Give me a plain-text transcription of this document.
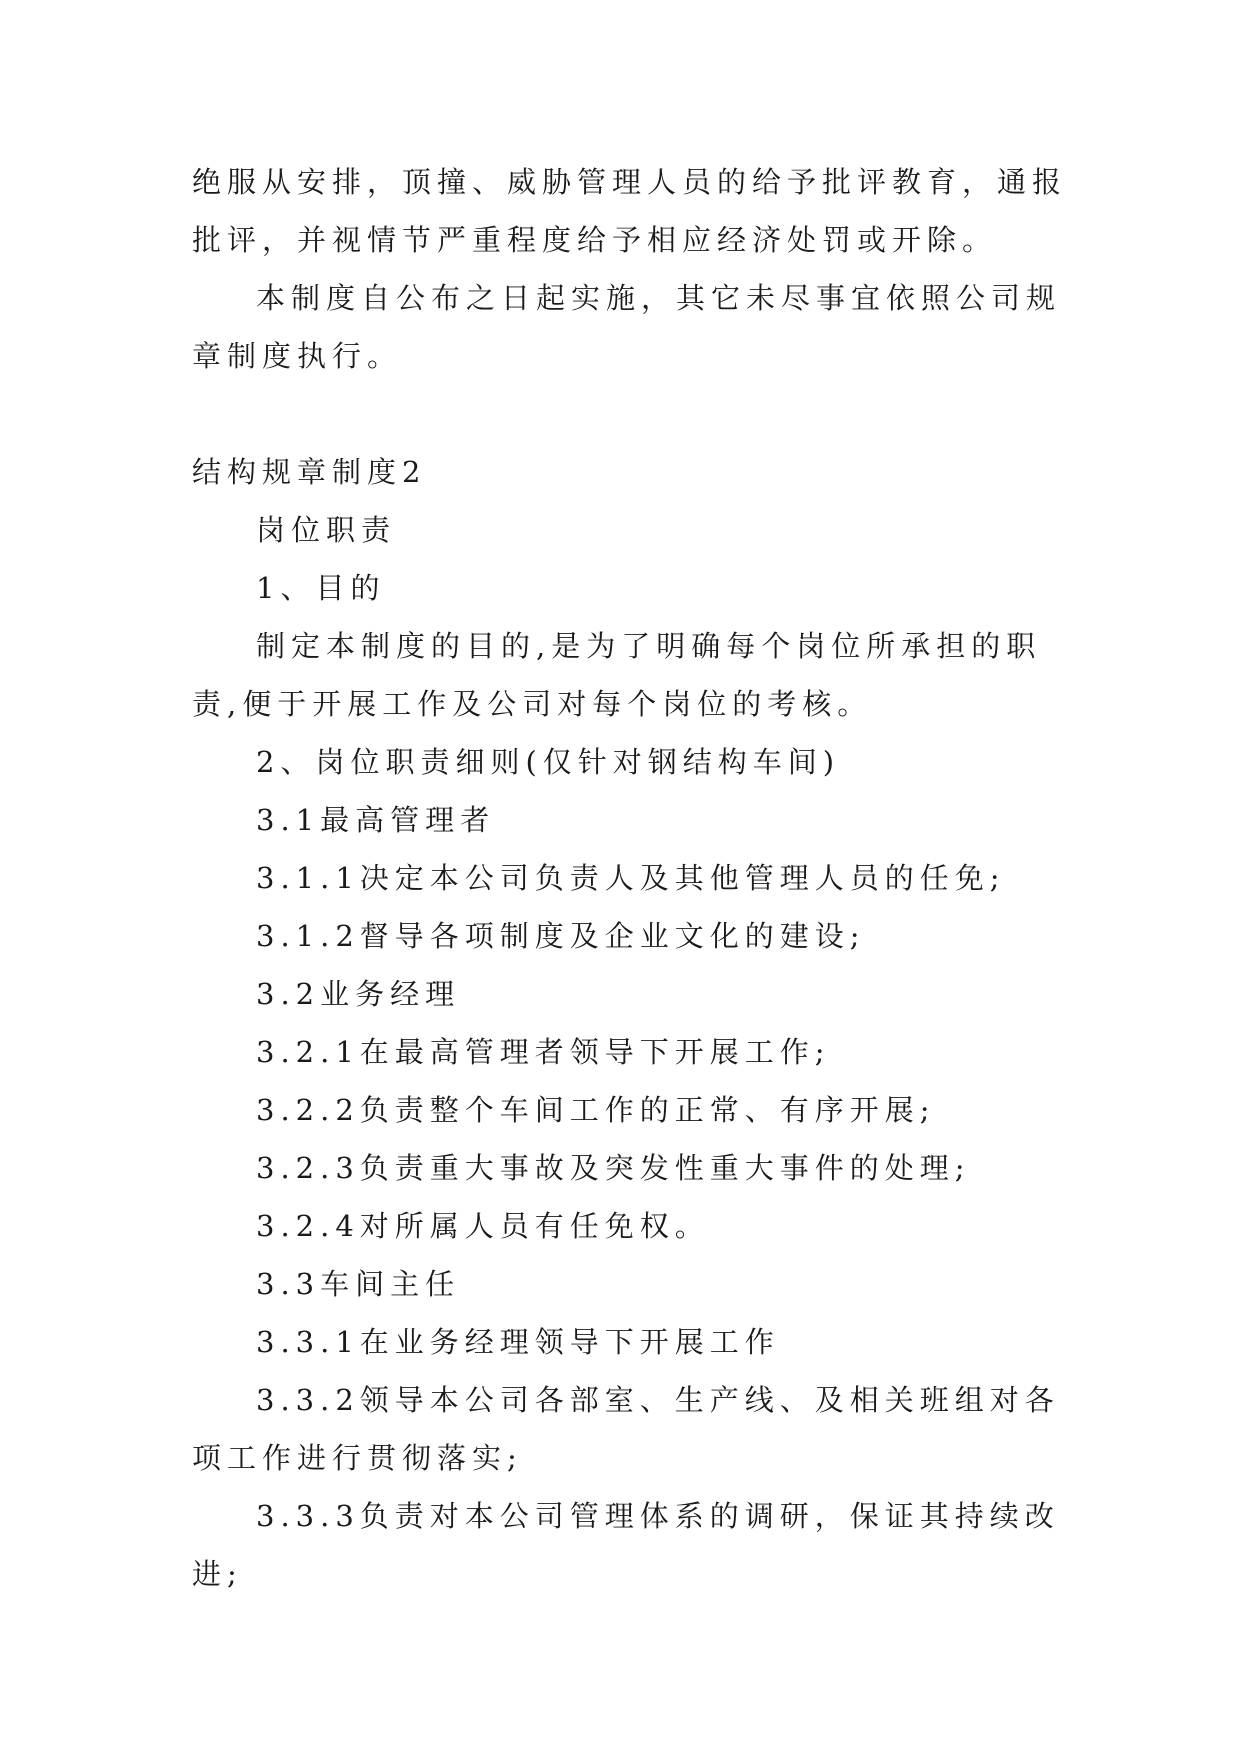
绝服从安排，顶撞、威胁管理人员的给予批评教育，通报批评，并视情节严重程度给予相应经济处罚或开除。

本制度自公布之日起实施，其它未尽事宜依照公司规章制度执行。

结构规章制度2

岗位职责

1、目的

制定本制度的目的,是为了明确每个岗位所承担的职责,便于开展工作及公司对每个岗位的考核。

2、岗位职责细则(仅针对钢结构车间)

3.1最高管理者

3.1.1决定本公司负责人及其他管理人员的任免;

3.1.2督导各项制度及企业文化的建设;

3.2业务经理

3.2.1在最高管理者领导下开展工作;

3.2.2负责整个车间工作的正常、有序开展;

3.2.3负责重大事故及突发性重大事件的处理;

3.2.4对所属人员有任免权。

3.3车间主任

3.3.1在业务经理领导下开展工作

3.3.2领导本公司各部室、生产线、及相关班组对各项工作进行贯彻落实;

3.3.3负责对本公司管理体系的调研，保证其持续改进;
